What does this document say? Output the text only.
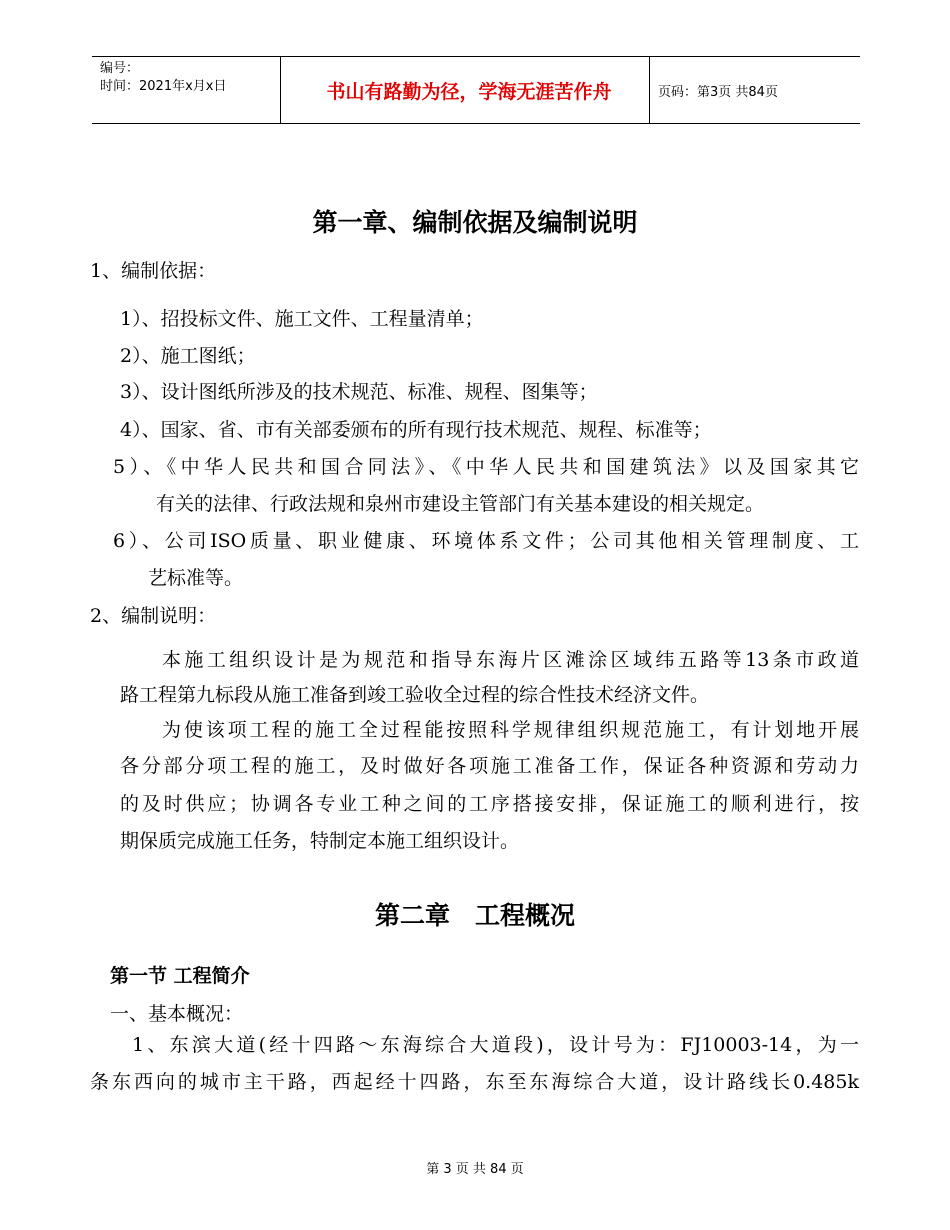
编号：
时间：2021年x月x日	书山有路勤为径，学海无涯苦作舟	页码：第3页 共84页
第一章、编制依据及编制说明
1、编制依据：
1）、招投标文件、施工文件、工程量清单；
2）、施工图纸；
3）、设计图纸所涉及的技术规范、标准、规程、图集等；
4）、国家、省、市有关部委颁布的所有现行技术规范、规程、标准等；
5）、《中华人民共和国合同法》、《中华人民共和国建筑法》以及国家其它
有关的法律、行政法规和泉州市建设主管部门有关基本建设的相关规定。
6）、公司ISO质量、职业健康、环境体系文件；公司其他相关管理制度、工
艺标准等。
2、编制说明：
本施工组织设计是为规范和指导东海片区滩涂区域纬五路等13条市政道
路工程第九标段从施工准备到竣工验收全过程的综合性技术经济文件。
为使该项工程的施工全过程能按照科学规律组织规范施工，有计划地开展
各分部分项工程的施工，及时做好各项施工准备工作，保证各种资源和劳动力
的及时供应；协调各专业工种之间的工序搭接安排，保证施工的顺利进行，按
期保质完成施工任务，特制定本施工组织设计。
第二章　工程概况
第一节 工程简介
一、基本概况：
1、东滨大道(经十四路～东海综合大道段)，设计号为：FJ10003-14，为一
条东西向的城市主干路，西起经十四路，东至东海综合大道，设计路线长0.485k
第 3 页 共 84 页
